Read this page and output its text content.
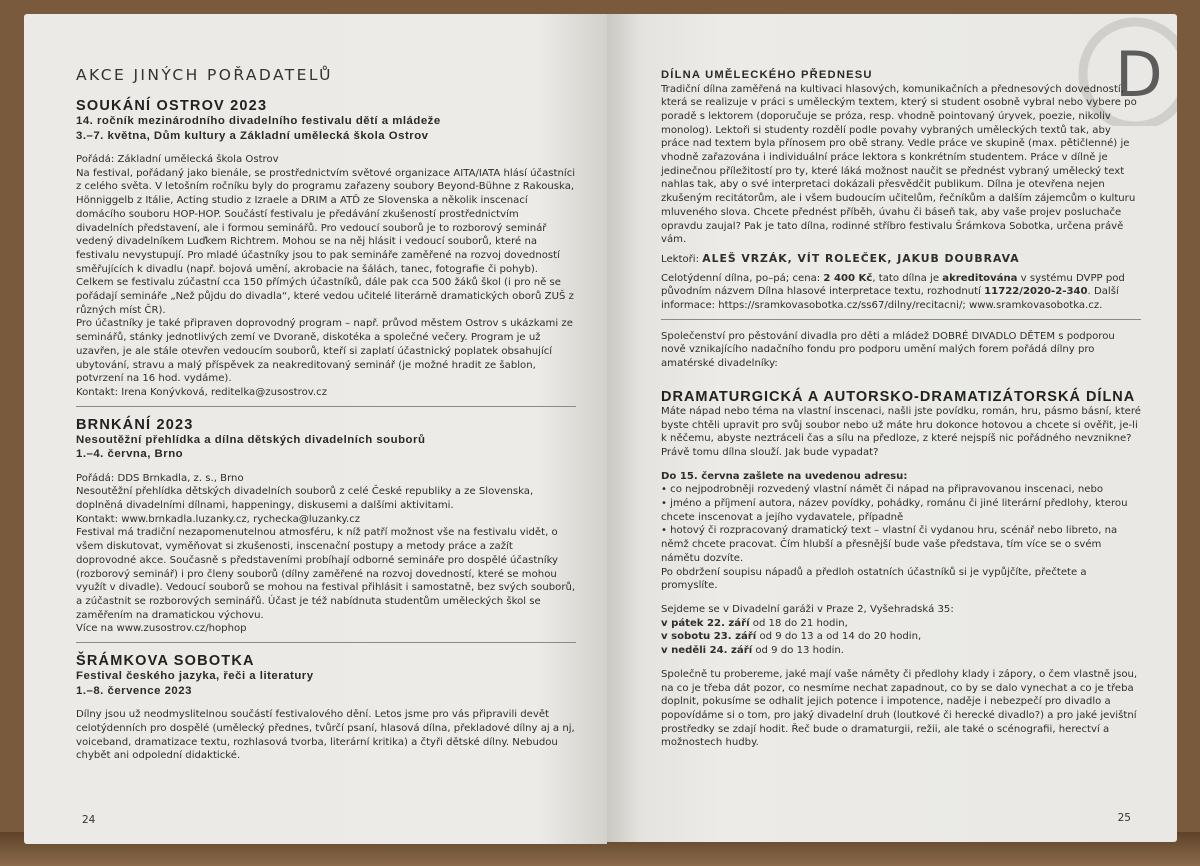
AKCE JINÝCH POŘADATELŮ
SOUKÁNÍ OSTROV 2023
14. ročník mezinárodního divadelního festivalu dětí a mládeže
3.–7. května, Dům kultury a Základní umělecká škola Ostrov

Pořádá: Základní umělecká škola Ostrov

Na festival, pořádaný jako bienále, se prostřednictvím světové organizace AITA/IATA hlásí účastníci z celého světa. V letošním ročníku byly do programu zařazeny soubory Beyond-Bühne z Rakouska, Hönniggelb z Itálie, Acting studio z Izraele a DRIM a ATĎ ze Slovenska a několik inscenací domácího souboru HOP-HOP. Součástí festivalu je předávání zkušeností prostřednictvím divadelních představení, ale i formou seminářů. Pro vedoucí souborů je to rozborový seminář vedený divadelníkem Luďkem Richtrem. Mohou se na něj hlásit i vedoucí souborů, které na festivalu nevystupují. Pro mladé účastníky jsou to pak semináře zaměřené na rozvoj dovedností směřujících k divadlu (např. bojová umění, akrobacie na šálách, tanec, fotografie či pohyb). Celkem se festivalu zúčastní cca 150 přímých účastníků, dále pak cca 500 žáků škol (i pro ně se pořádají semináře „Než půjdu do divadla“, které vedou učitelé literárně dramatických oborů ZUŠ z různých míst ČR).

Pro účastníky je také připraven doprovodný program – např. průvod městem Ostrov s ukázkami ze seminářů, stánky jednotlivých zemí ve Dvoraně, diskotéka a společné večery. Program je už uzavřen, je ale stále otevřen vedoucím souborů, kteří si zaplatí účastnický poplatek obsahující ubytování, stravu a malý příspěvek za neakreditovaný seminář (je možné hradit ze šablon, potvrzení na 16 hod. vydáme).

Kontakt: Irena Konývková, reditelka@zusostrov.cz

BRNKÁNÍ 2023
Nesoutěžní přehlídka a dílna dětských divadelních souborů
1.–4. června, Brno

Pořádá: DDS Brnkadla, z. s., Brno

Nesoutěžní přehlídka dětských divadelních souborů z celé České republiky a ze Slovenska, doplněná divadelními dílnami, happeningy, diskusemi a dalšími aktivitami.

Kontakt: www.brnkadla.luzanky.cz, rychecka@luzanky.cz

Festival má tradiční nezapomenutelnou atmosféru, k níž patří možnost vše na festivalu vidět, o všem diskutovat, vyměňovat si zkušenosti, inscenační postupy a metody práce a zažít doprovodné akce. Současně s představeními probíhají odborné semináře pro dospělé účastníky (rozborový seminář) i pro členy souborů (dílny zaměřené na rozvoj dovedností, které se mohou využít v divadle). Vedoucí souborů se mohou na festival přihlásit i samostatně, bez svých souborů, a zúčastnit se rozborových seminářů. Účast je též nabídnuta studentům uměleckých škol se zaměřením na dramatickou výchovu.

Více na www.zusostrov.cz/hophop

ŠRÁMKOVA SOBOTKA
Festival českého jazyka, řeči a literatury
1.–8. července 2023

Dílny jsou už neodmyslitelnou součástí festivalového dění. Letos jsme pro vás připravili devět celotýdenních pro dospělé (umělecký přednes, tvůrčí psaní, hlasová dílna, překladové dílny aj a nj, voiceband, dramatizace textu, rozhlasová tvorba, literární kritika) a čtyři dětské dílny. Nebudou chybět ani odpolední didaktické.

24
D
DÍLNA UMĚLECKÉHO PŘEDNESU

Tradiční dílna zaměřená na kultivaci hlasových, komunikačních a přednesových dovedností, která se realizuje v práci s uměleckým textem, který si student osobně vybral nebo vybere po poradě s lektorem (doporučuje se próza, resp. vhodně pointovaný úryvek, poezie, nikoliv monolog). Lektoři si studenty rozdělí podle povahy vybraných uměleckých textů tak, aby práce nad textem byla přínosem pro obě strany. Vedle práce ve skupině (max. pětičlenné) je vhodně zařazována i individuální práce lektora s konkrétním studentem. Práce v dílně je jedinečnou příležitostí pro ty, které láká možnost naučit se přednést vybraný umělecký text nahlas tak, aby o své interpretaci dokázali přesvědčit publikum. Dílna je otevřena nejen zkušeným recitátorům, ale i všem budoucím učitelům, řečníkům a dalším zájemcům o kulturu mluveného slova. Chcete přednést příběh, úvahu či báseň tak, aby vaše projev posluchače opravdu zaujal? Pak je tato dílna, rodinné stříbro festivalu Šrámkova Sobotka, určena právě vám.

Lektoři: ALEŠ VRZÁK, VÍT ROLEČEK, JAKUB DOUBRAVA

Celotýdenní dílna, po–pá; cena: 2 400 Kč, tato dílna je akreditována v systému DVPP pod původním názvem Dílna hlasové interpretace textu, rozhodnutí 11722/2020-2-340. Další informace: https://sramkovasobotka.cz/ss67/dilny/recitacni/; www.sramkovasobotka.cz.

Společenství pro pěstování divadla pro děti a mládež DOBRÉ DIVADLO DĚTEM s podporou nově vznikajícího nadačního fondu pro podporu umění malých forem pořádá dílny pro amatérské divadelníky:

DRAMATURGICKÁ A AUTORSKO-DRAMATIZÁTORSKÁ DÍLNA

Máte nápad nebo téma na vlastní inscenaci, našli jste povídku, román, hru, pásmo básní, které byste chtěli upravit pro svůj soubor nebo už máte hru dokonce hotovou a chcete si ověřit, je-li k něčemu, abyste neztráceli čas a sílu na předloze, z které nejspíš nic pořádného nevznikne? Právě tomu dílna slouží. Jak bude vypadat?

Do 15. června zašlete na uvedenou adresu:

• co nejpodrobněji rozvedený vlastní námět či nápad na připravovanou inscenaci, nebo

• jméno a příjmení autora, název povídky, pohádky, románu či jiné literární předlohy, kterou chcete inscenovat a jejího vydavatele, případně

• hotový či rozpracovaný dramatický text – vlastní či vydanou hru, scénář nebo libreto, na němž chcete pracovat. Čím hlubší a přesnější bude vaše představa, tím více se o svém námětu dozvíte.

Po obdržení soupisu nápadů a předloh ostatních účastníků si je vypůjčíte, přečtete a promyslíte.

Sejdeme se v Divadelní garáži v Praze 2, Vyšehradská 35:

v pátek 22. září od 18 do 21 hodin,

v sobotu 23. září od 9 do 13 a od 14 do 20 hodin,

v neděli 24. září od 9 do 13 hodin.

Společně tu probereme, jaké mají vaše náměty či předlohy klady i zápory, o čem vlastně jsou, na co je třeba dát pozor, co nesmíme nechat zapadnout, co by se dalo vynechat a co je třeba doplnit, pokusíme se odhalit jejich potence i impotence, naděje i nebezpečí pro divadlo a popovídáme si o tom, pro jaký divadelní druh (loutkové či herecké divadlo?) a pro jaké jevištní prostředky se zdají hodit. Řeč bude o dramaturgii, režii, ale také o scénografii, herectví a možnostech hudby.

25
